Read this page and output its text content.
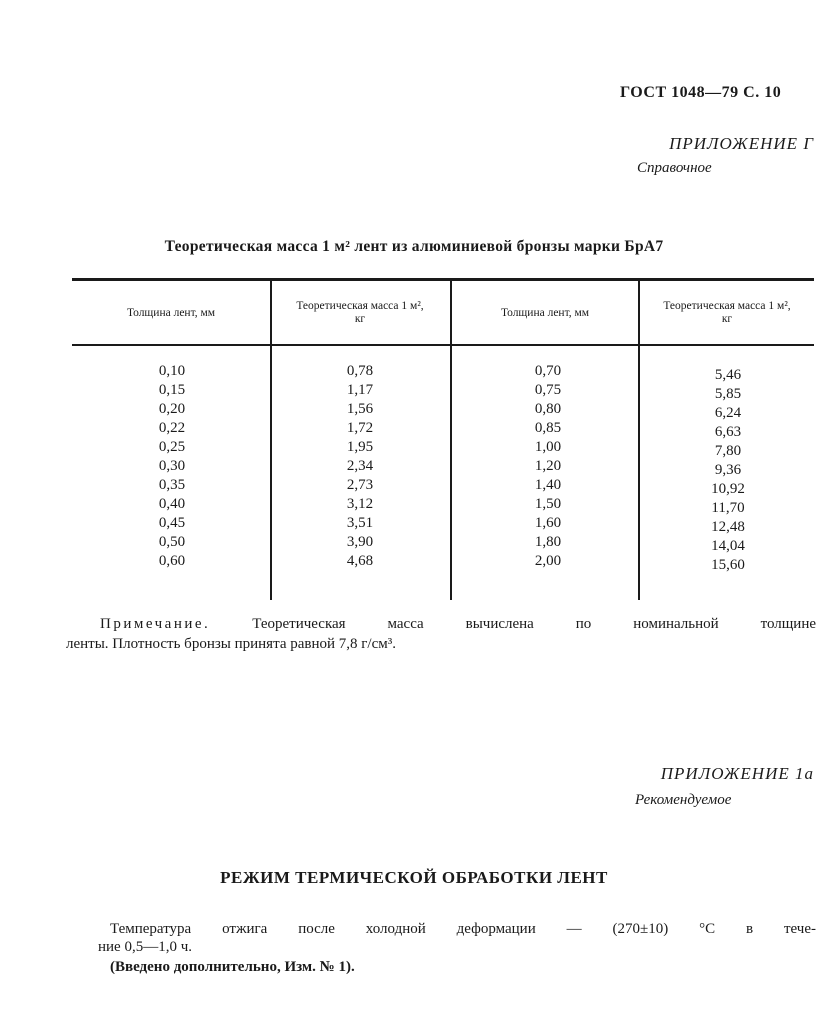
ГОСТ 1048—79 С. 10
ПРИЛОЖЕНИЕ Г
Справочное
Теоретическая масса 1 м² лент из алюминиевой бронзы марки БрА7
Толщина лент, мм
Теоретическая масса 1 м², кг
Толщина лент, мм
Теоретическая масса 1 м², кг
0,10
0,15
0,20
0,22
0,25
0,30
0,35
0,40
0,45
0,50
0,60
0,78
1,17
1,56
1,72
1,95
2,34
2,73
3,12
3,51
3,90
4,68
0,70
0,75
0,80
0,85
1,00
1,20
1,40
1,50
1,60
1,80
2,00
5,46
5,85
6,24
6,63
7,80
9,36
10,92
11,70
12,48
14,04
15,60
Примечание.	Теоретическая масса вычислена по номинальной толщине
ленты. Плотность бронзы принята равной 7,8 г/см³.
ПРИЛОЖЕНИЕ 1а
Рекомендуемое
РЕЖИМ ТЕРМИЧЕСКОЙ ОБРАБОТКИ ЛЕНТ
Температура отжига после холодной деформации — (270±10) °С в тече-
ние 0,5—1,0 ч.
(Введено дополнительно, Изм. № 1).
